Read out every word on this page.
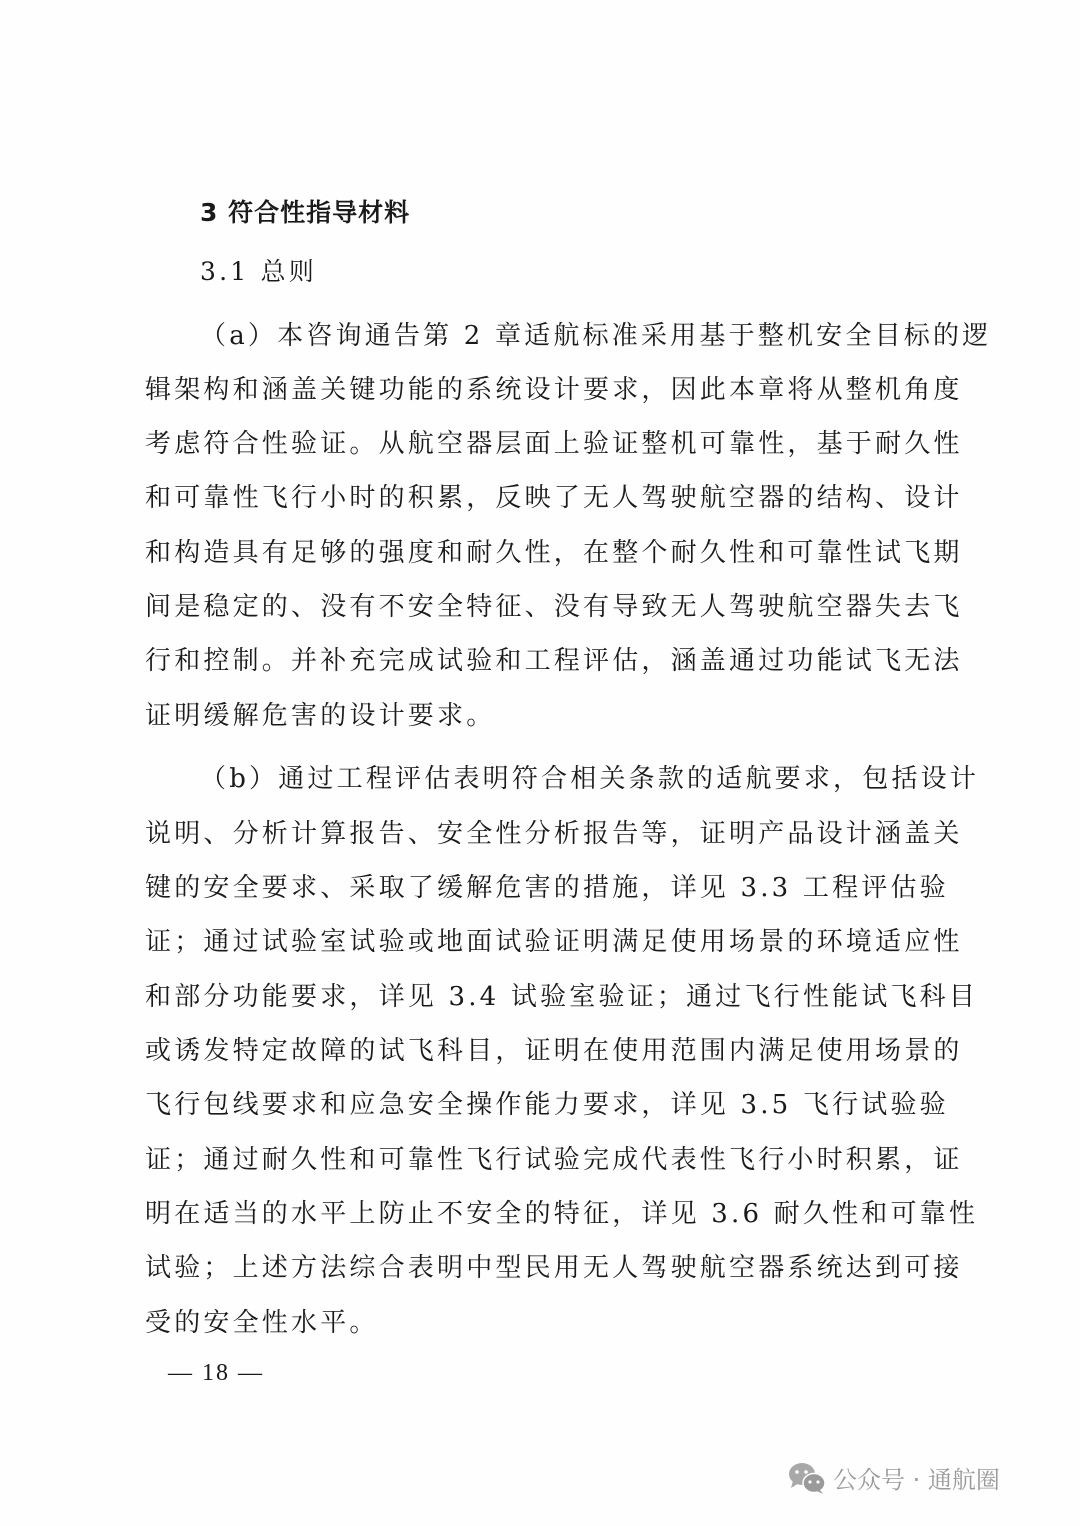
3 符合性指导材料
3.1 总则
（a）本咨询通告第 2 章适航标准采用基于整机安全目标的逻
辑架构和涵盖关键功能的系统设计要求，因此本章将从整机角度
考虑符合性验证。从航空器层面上验证整机可靠性，基于耐久性
和可靠性飞行小时的积累，反映了无人驾驶航空器的结构、设计
和构造具有足够的强度和耐久性，在整个耐久性和可靠性试飞期
间是稳定的、没有不安全特征、没有导致无人驾驶航空器失去飞
行和控制。并补充完成试验和工程评估，涵盖通过功能试飞无法
证明缓解危害的设计要求。
（b）通过工程评估表明符合相关条款的适航要求，包括设计
说明、分析计算报告、安全性分析报告等，证明产品设计涵盖关
键的安全要求、采取了缓解危害的措施，详见 3.3 工程评估验
证；通过试验室试验或地面试验证明满足使用场景的环境适应性
和部分功能要求，详见 3.4 试验室验证；通过飞行性能试飞科目
或诱发特定故障的试飞科目，证明在使用范围内满足使用场景的
飞行包线要求和应急安全操作能力要求，详见 3.5 飞行试验验
证；通过耐久性和可靠性飞行试验完成代表性飞行小时积累，证
明在适当的水平上防止不安全的特征，详见 3.6 耐久性和可靠性
试验；上述方法综合表明中型民用无人驾驶航空器系统达到可接
受的安全性水平。
— 18 —
公众号 · 通航圈
